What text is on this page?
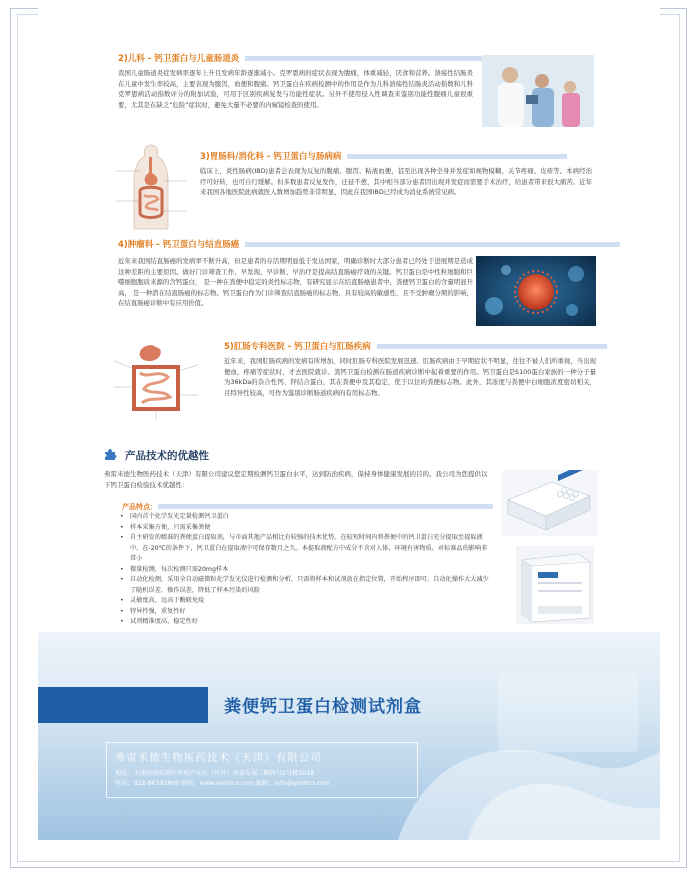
2)儿科 - 钙卫蛋白与儿童肠道炎
我国儿童肠道炎症发病率逐年上升且发病年龄逐渐减小。克罗恩病的症状表现为腹痛，体重减轻，厌食和营养。溃疡性结肠炎在儿童中发生率较高，主要表现为腹泻，血便和腹痛。钙卫蛋白在疾病检测中的作用是作为儿科溃疡性结肠炎活动指数和儿科克罗恩病活动指数评分的附加试验，可用于区别疾病复发与功能性症状。另外不使用侵入性调查来鉴别功能性腹痛儿童很重要，尤其是在缺乏“危险”症状时，避免大量不必要的内窥镜检查的使用。
3)胃肠科/消化科 - 钙卫蛋白与肠病病
临床上，炎性肠病(IBD)患者会表现为反复的腹痛、腹泻、粘液血便，甚至出现各种全身并发症如视物模糊、关节疼痛、皮疹等。本病经治疗可好转，也可自行缓解。但多数患者反复发作，迁延不愈，其中相当部分患者因出现并发症而需要手术治疗，给患者带来很大痛苦。近年来我国各地医院此病就医人数增加趋势非常明显，因此在我国IBD已经成为消化系统常见病。
4)肿瘤科 - 钙卫蛋白与结直肠癌
近年来我国结直肠癌的发病率不断升高，但是患者的存活期明显低于发达国家，明确诊断时大部分患者已经处于进展期是造成这种差距的主要原因。做好门诊筛查工作，早发现、早诊断、早治疗是提高结直肠癌疗效的关键。钙卫蛋白是中性粒细胞和巨噬细胞胞质来源的含钙蛋白， 是一种在粪便中稳定的炎性标志物，有研究显示在结直肠癌患者中，粪便钙卫蛋白的含量明显升高， 是一种潜在结直肠癌的标志物。钙卫蛋白作为门诊筛查结直肠癌的标志物，具有较高的敏感性，且不受肿瘤分期的影响，在结直肠癌诊断中有应用价值。
5)肛肠专科医院 - 钙卫蛋白与肛肠疾病
近年来，我国肛肠疾病的发病有所增加，同时肛肠专科医院发展迅速。肛肠疾病由于早期症状不明显，往往不被人们所重视，当出现便血，疼痛等症状时，才去医院就诊。粪钙卫蛋白检测在肠道疾病诊断中起着重要的作用。钙卫蛋白是S100蛋白家族的一种分子量为36kDa的杂合性钙、锌结合蛋白，其在粪便中及其稳定，优于以往的粪便标志物。此外，其浓度与粪便中白细胞浓度密切相关，且特异性较高，可作为鉴别诊断肠道疾病的有用标志物。
产品技术的优越性
弗雷米德生物医药技术（天津）有限公司建议您定期检测钙卫蛋白水平，达到防治疾病，保持身体健康发展的目的。我公司为您提供以下钙卫蛋白检验技术优越性：
产品特点：
• 国内首个化学发光定量检测钙卫蛋白
• 样本采集方便，只需采集粪便
• 自主研发的精准的粪便蛋白提取剂，与市面其他产品相比有较强的技术优势。在较短时间内将粪便中的钙卫蛋白充分提取至提取液中，在-20℃的条件下，钙卫蛋白在提取液中可保存数月之久。本提取液配方中成分不含对人体、环境有害物质。对标准品的影响非常小
• 微量检测，每次检测只需20mg样本
• 自动化检测，采用全自动磁微粒化学发光仪进行检测和分析，只需将样本和试剂放在指定位置，开始程序即可。自动化操作大大减少了随机误差、操作误差，降低了样本污染的风险
• 灵敏度高，远高于酶联免疫
• 特异性强，重复性好
• 试剂精准度高，稳定性好
粪便钙卫蛋白检测试剂盒
弗雷米德生物医药技术（天津）有限公司
地址：天津滨海高新区华苑产业区（环外）海泰发展二路四号2号楼3018
电话：022-86392809 网站：www.amidco.com 邮箱：info@amidco.com
